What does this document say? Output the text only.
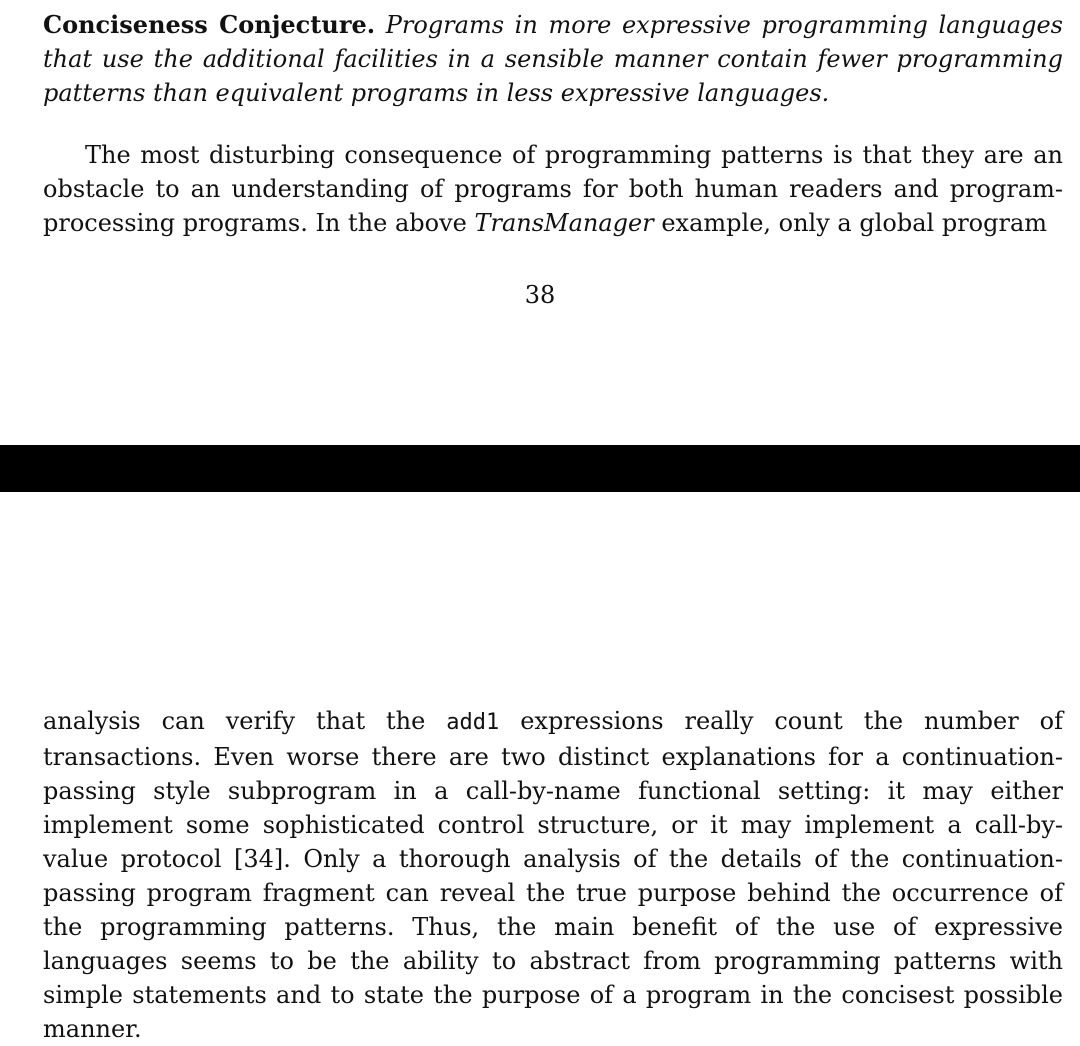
Conciseness Conjecture. Programs in more expressive programming languages that use the additional facilities in a sensible manner contain fewer programming patterns than equivalent programs in less expressive languages.

The most disturbing consequence of programming patterns is that they are an obstacle to an understanding of programs for both human readers and program-processing programs. In the above TransManager example, only a global program

38

analysis can verify that the add1 expressions really count the number of transactions. Even worse there are two distinct explanations for a continuation-passing style subprogram in a call-by-name functional setting: it may either implement some sophisticated control structure, or it may implement a call-by-value protocol [34]. Only a thorough analysis of the details of the continuation-passing program fragment can reveal the true purpose behind the occurrence of the programming patterns. Thus, the main benefit of the use of expressive languages seems to be the ability to abstract from programming patterns with simple statements and to state the purpose of a program in the concisest possible manner.
